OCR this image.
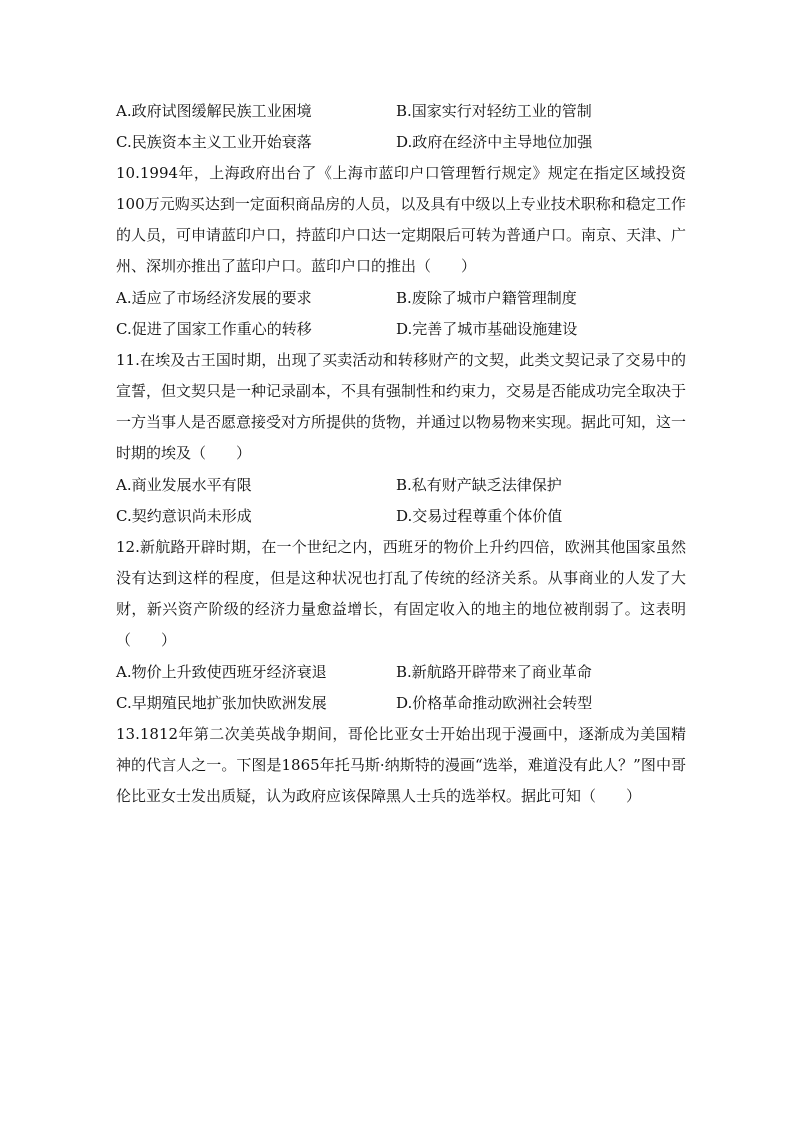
A.政府试图缓解民族工业困境	B.国家实行对轻纺工业的管制
C.民族资本主义工业开始衰落	D.政府在经济中主导地位加强
10.1994年，上海政府出台了《上海市蓝印户口管理暂行规定》规定在指定区域投资100万元购买达到一定面积商品房的人员，以及具有中级以上专业技术职称和稳定工作的人员，可申请蓝印户口，持蓝印户口达一定期限后可转为普通户口。南京、天津、广州、深圳亦推出了蓝印户口。蓝印户口的推出（　　）
A.适应了市场经济发展的要求	B.废除了城市户籍管理制度
C.促进了国家工作重心的转移	D.完善了城市基础设施建设
11.在埃及古王国时期，出现了买卖活动和转移财产的文契，此类文契记录了交易中的宣誓，但文契只是一种记录副本，不具有强制性和约束力，交易是否能成功完全取决于一方当事人是否愿意接受对方所提供的货物，并通过以物易物来实现。据此可知，这一时期的埃及（　　）
A.商业发展水平有限	B.私有财产缺乏法律保护
C.契约意识尚未形成	D.交易过程尊重个体价值
12.新航路开辟时期，在一个世纪之内，西班牙的物价上升约四倍，欧洲其他国家虽然没有达到这样的程度，但是这种状况也打乱了传统的经济关系。从事商业的人发了大财，新兴资产阶级的经济力量愈益增长，有固定收入的地主的地位被削弱了。这表明（　　）
A.物价上升致使西班牙经济衰退	B.新航路开辟带来了商业革命
C.早期殖民地扩张加快欧洲发展	D.价格革命推动欧洲社会转型
13.1812年第二次美英战争期间，哥伦比亚女士开始出现于漫画中，逐渐成为美国精神的代言人之一。下图是1865年托马斯·纳斯特的漫画“选举，难道没有此人？”图中哥伦比亚女士发出质疑，认为政府应该保障黑人士兵的选举权。据此可知（　　）
